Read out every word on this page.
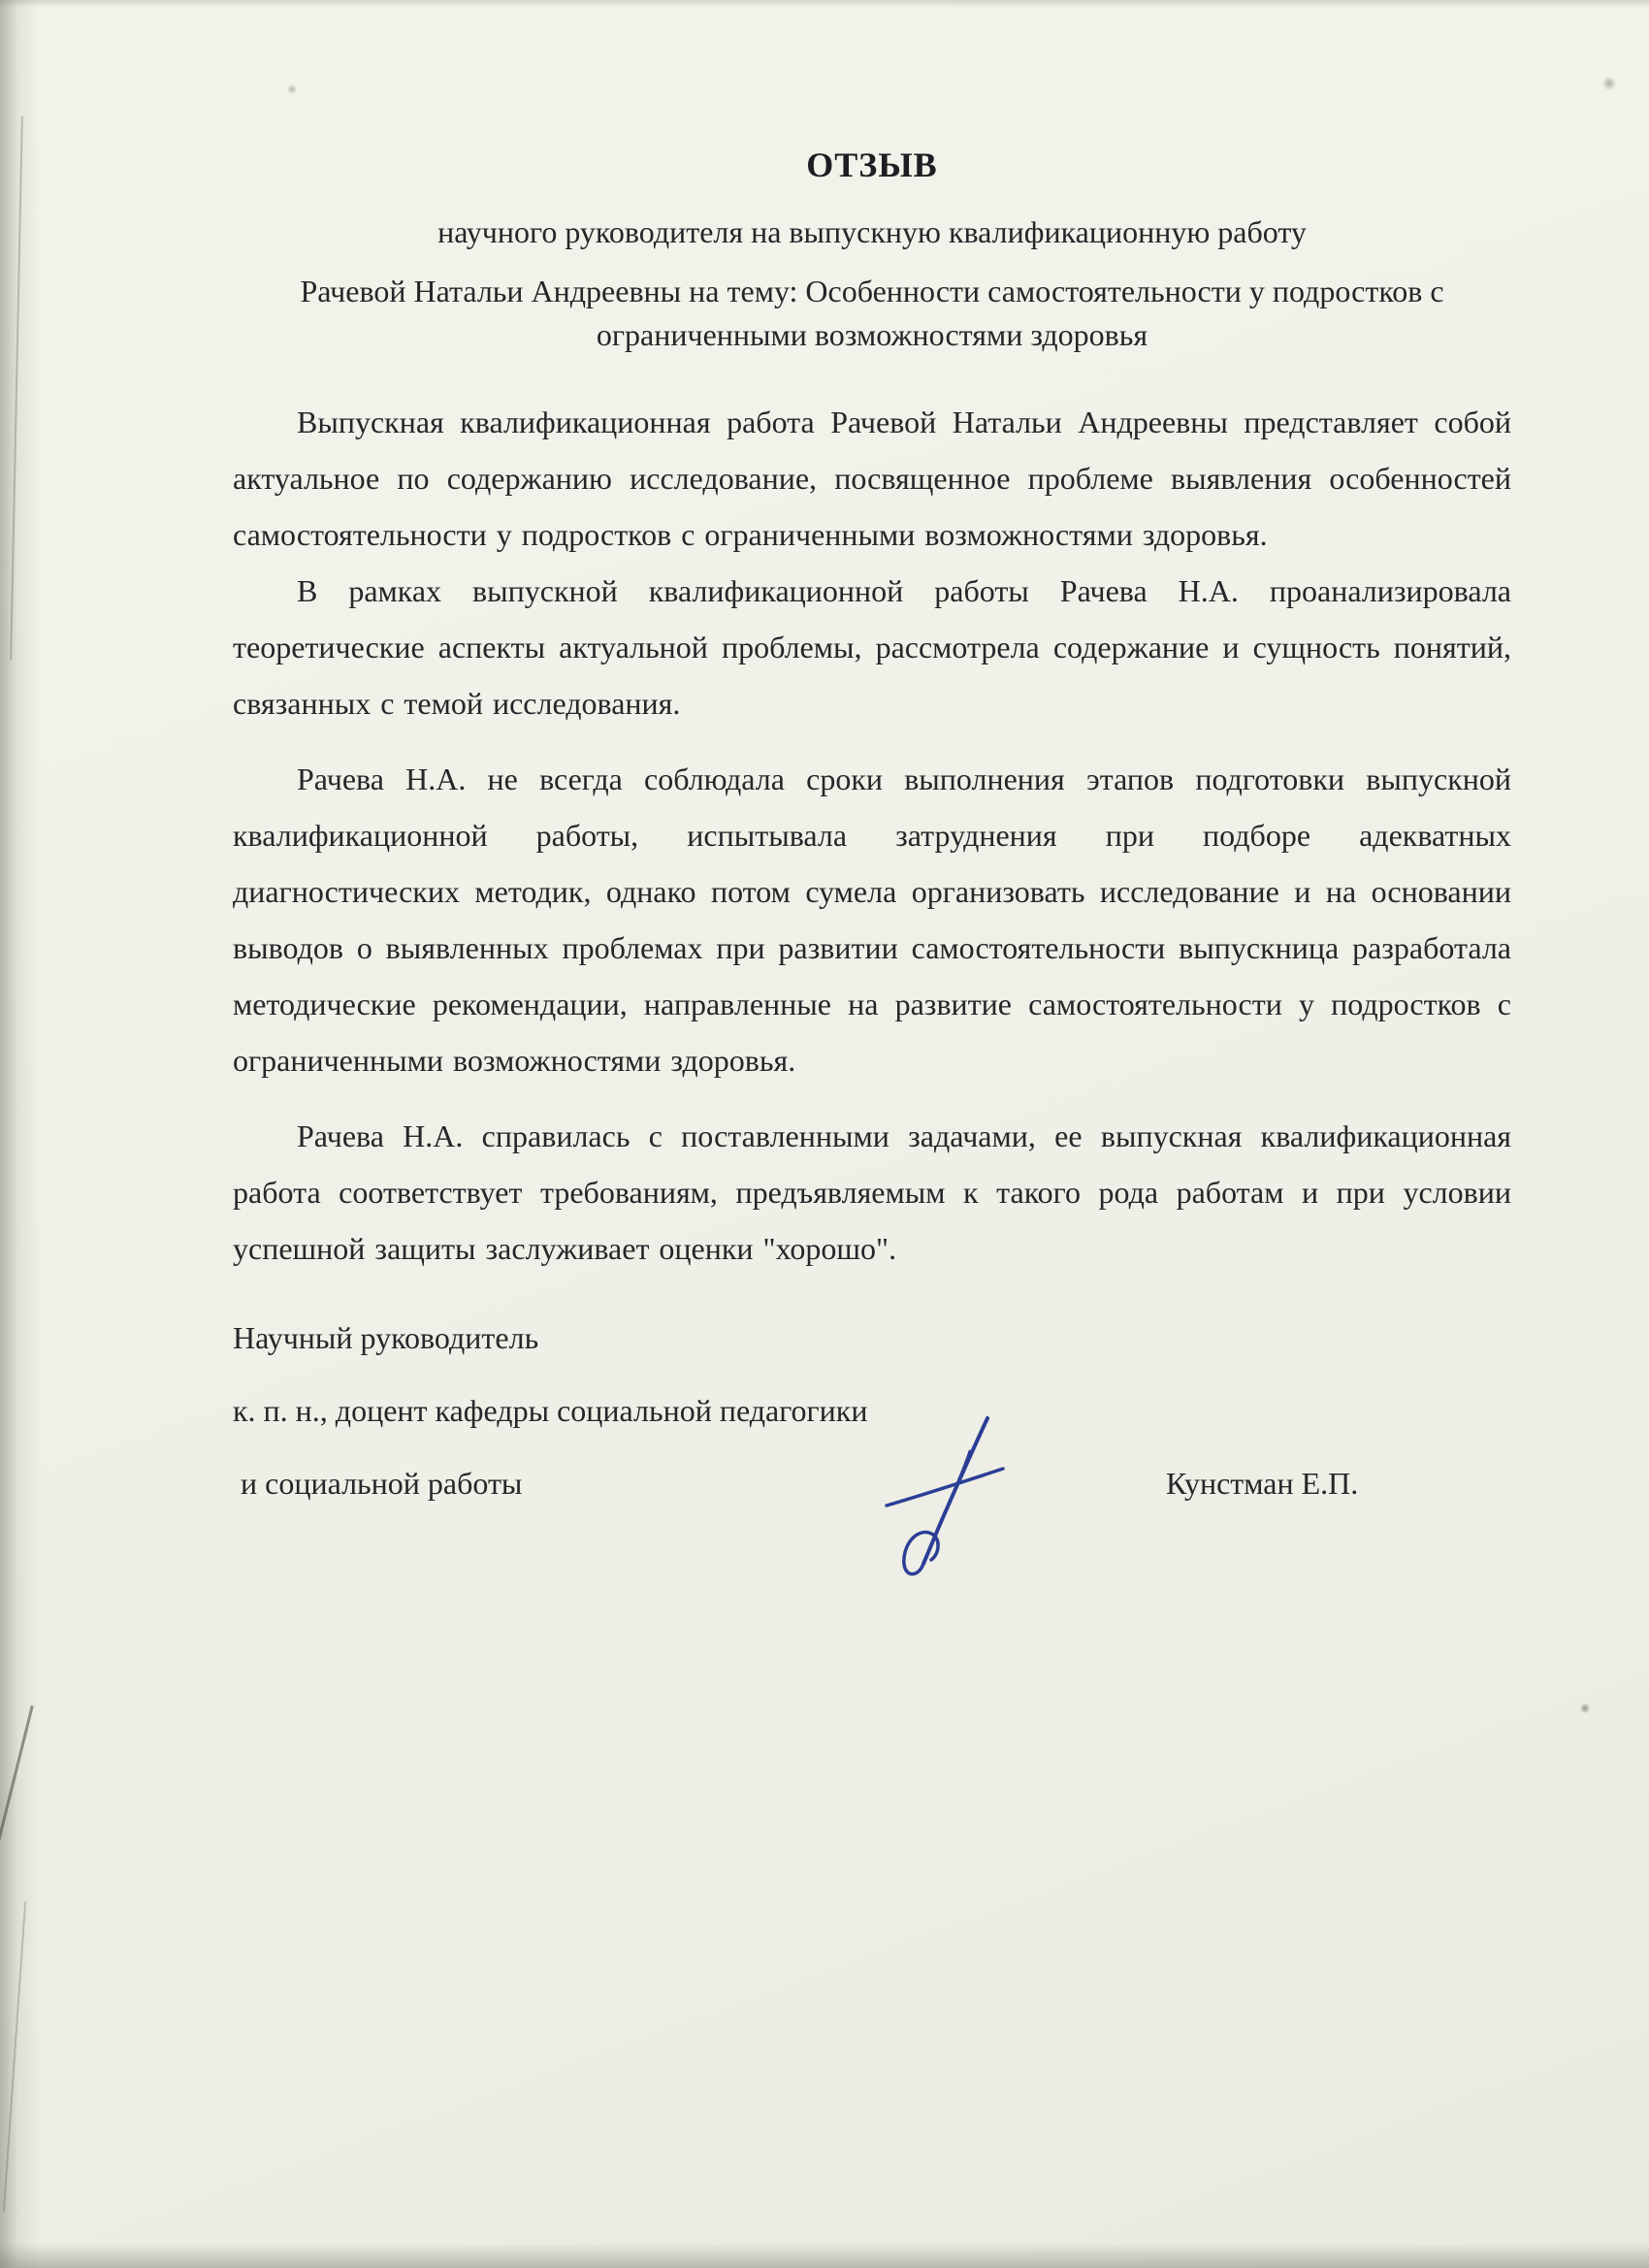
ОТЗЫВ

научного руководителя на выпускную квалификационную работу

Рачевой Натальи Андреевны на тему: Особенности самостоятельности у подростков с ограниченными возможностями здоровья

Выпускная квалификационная работа Рачевой Натальи Андреевны представляет собой актуальное по содержанию исследование, посвященное проблеме выявления особенностей самостоятельности у подростков с ограниченными возможностями здоровья.

В рамках выпускной квалификационной работы Рачева Н.А. проанализировала теоретические аспекты актуальной проблемы, рассмотрела содержание и сущность понятий, связанных с темой исследования.

Рачева Н.А. не всегда соблюдала сроки выполнения этапов подготовки выпускной квалификационной работы, испытывала затруднения при подборе адекватных диагностических методик, однако потом сумела организовать исследование и на основании выводов о выявленных проблемах при развитии самостоятельности выпускница разработала методические рекомендации, направленные на развитие самостоятельности у подростков с ограниченными возможностями здоровья.

Рачева Н.А. справилась с поставленными задачами, ее выпускная квалификационная работа соответствует требованиям, предъявляемым к такого рода работам и при условии успешной защиты заслуживает оценки "хорошо".

Научный руководитель

к. п. н., доцент кафедры социальной педагогики

и социальной работы	Кунстман Е.П.
